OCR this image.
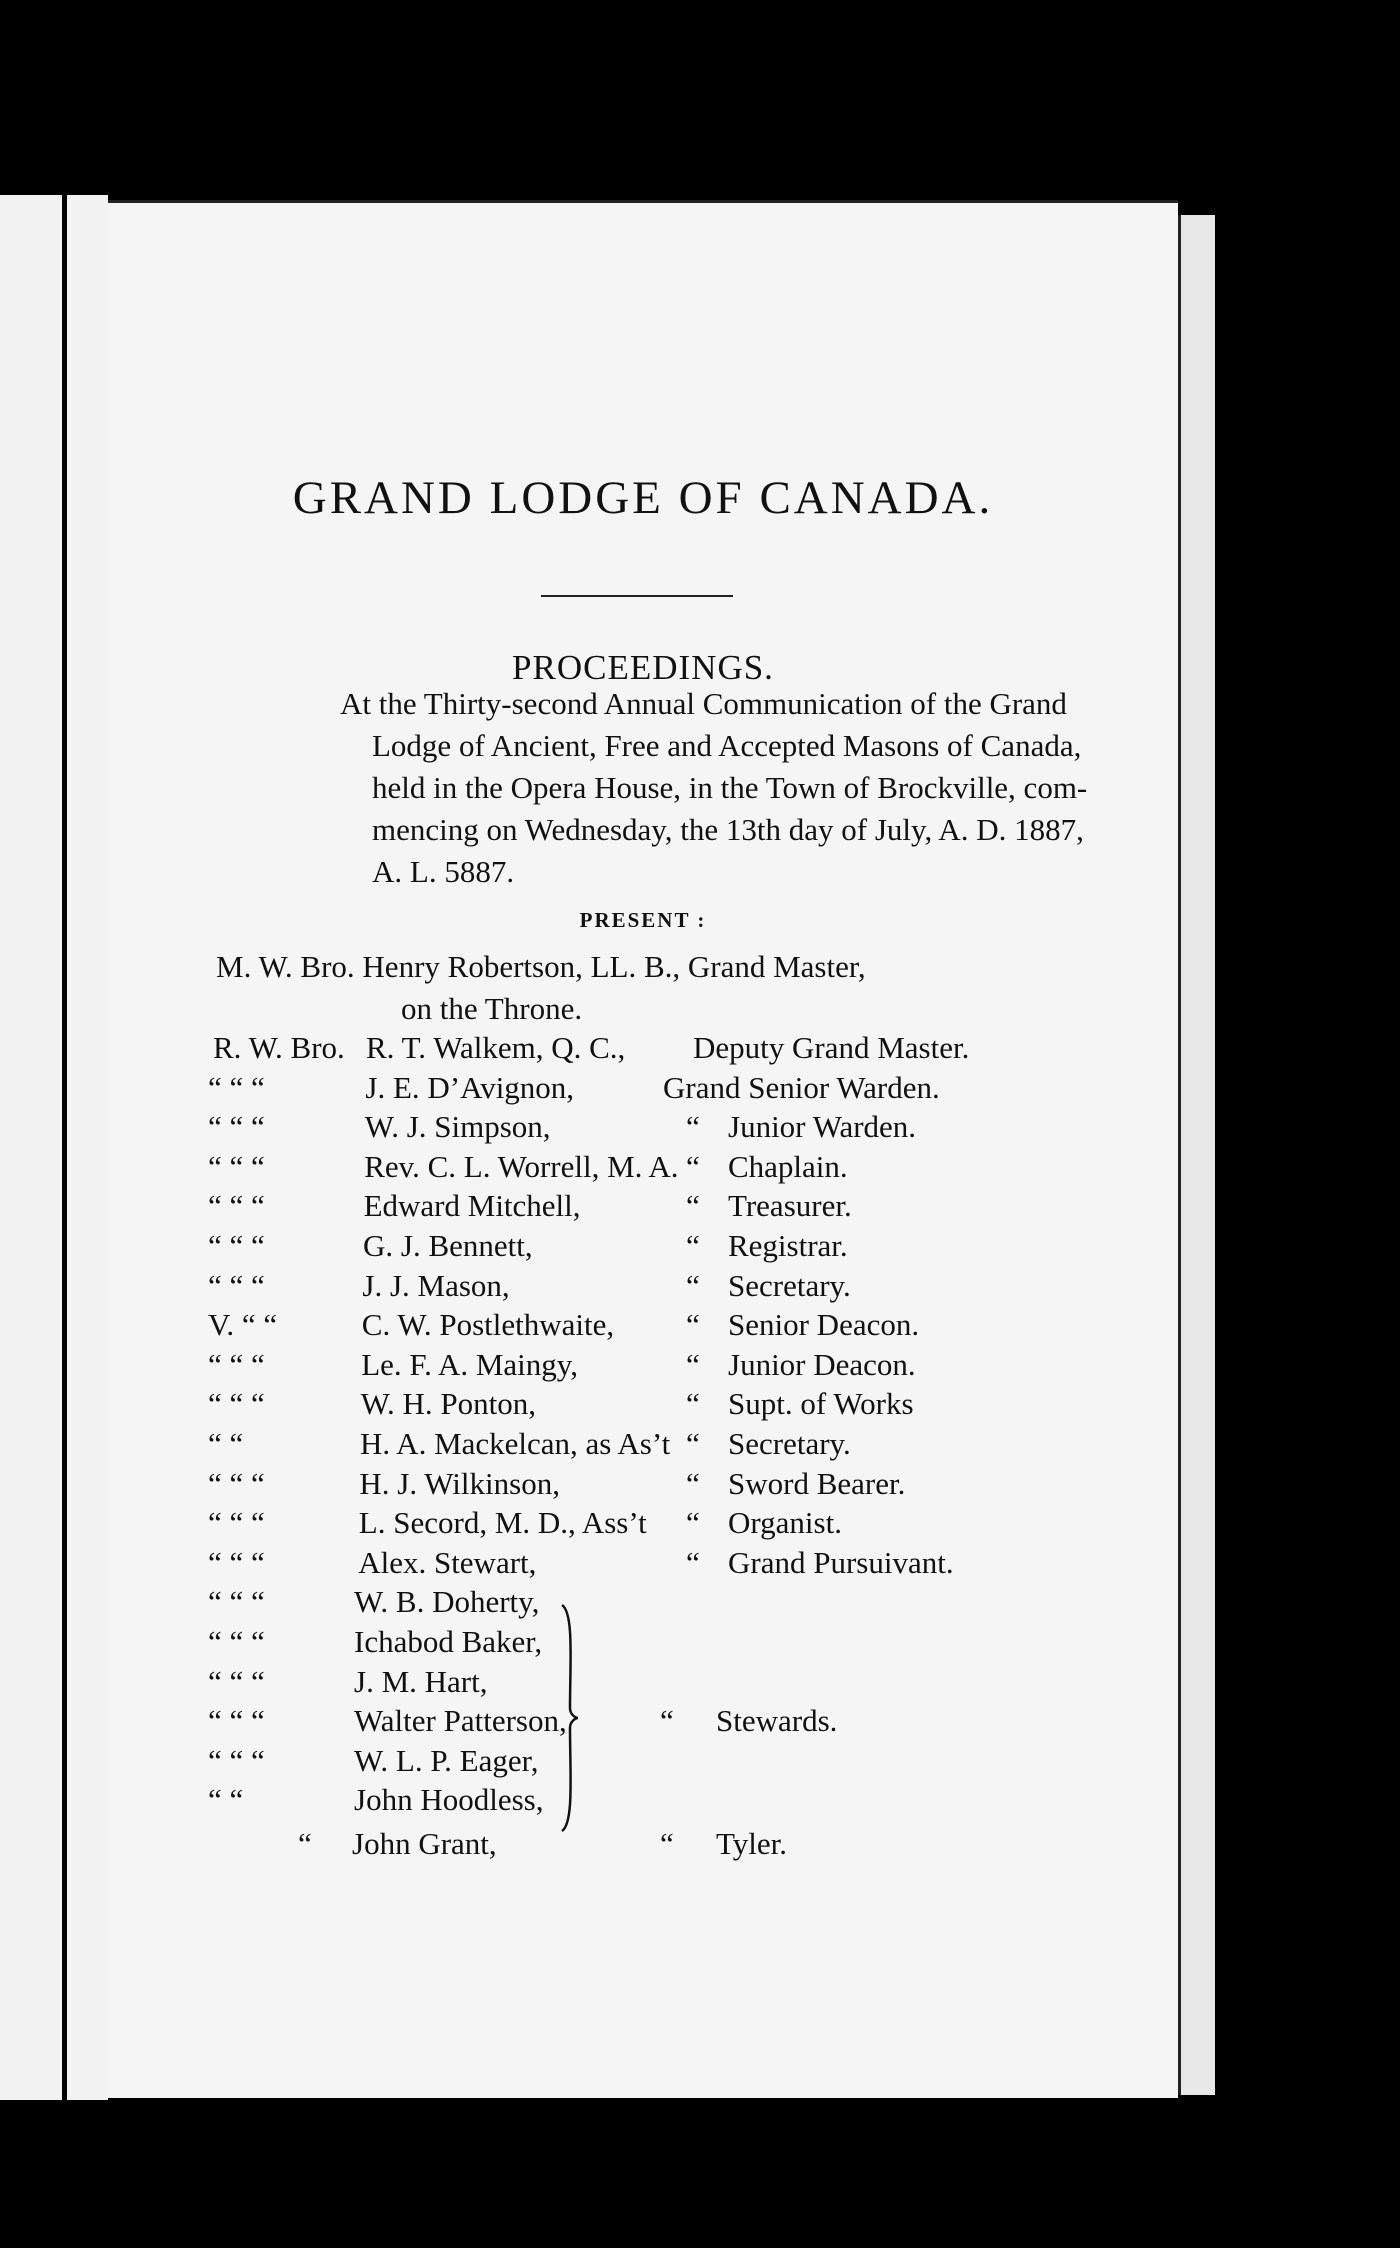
GRAND LODGE OF CANADA.
PROCEEDINGS.
At the Thirty-second Annual Communication of the Grand
Lodge of Ancient, Free and Accepted Masons of Canada,
held in the Opera House, in the Town of Brockville, com-
mencing on Wednesday, the 13th day of July, A. D. 1887,
A. L. 5887.
PRESENT :
M. W. Bro. Henry Robertson, LL. B., Grand Master,
on the Throne.
R. W. Bro. R. T. Walkem, Q. C., Deputy Grand Master.
“ “ “	J. E. D’Avignon,	Grand Senior Warden.
“ “ “	W. J. Simpson,	“ Junior Warden.
“ “ “	Rev. C. L. Worrell, M. A. “ Chaplain.
“ “ “	Edward Mitchell,	“ Treasurer.
“ “ “	G. J. Bennett,	“ Registrar.
“ “ “	J. J. Mason,	“ Secretary.
V. “ “	C. W. Postlethwaite, “ Senior Deacon.
“ “ “	Le. F. A. Maingy,	“ Junior Deacon.
“ “ “	W. H. Ponton,	“ Supt. of Works
“ “	H. A. Mackelcan, as As’t “ Secretary.
“ “ “	H. J. Wilkinson,	“ Sword Bearer.
“ “ “	L. Secord, M. D., Ass’t “ Organist.
“ “ “	Alex. Stewart,	“ Grand Pursuivant.
“ “ “	W. B. Doherty,
“ “ “	Ichabod Baker,
“ “ “	J. M. Hart,
“ “ “	Walter Patterson,
“ “ “	W. L. P. Eager,
“ “	John Hoodless,
“ Stewards.
“ John Grant,	“ Tyler.
